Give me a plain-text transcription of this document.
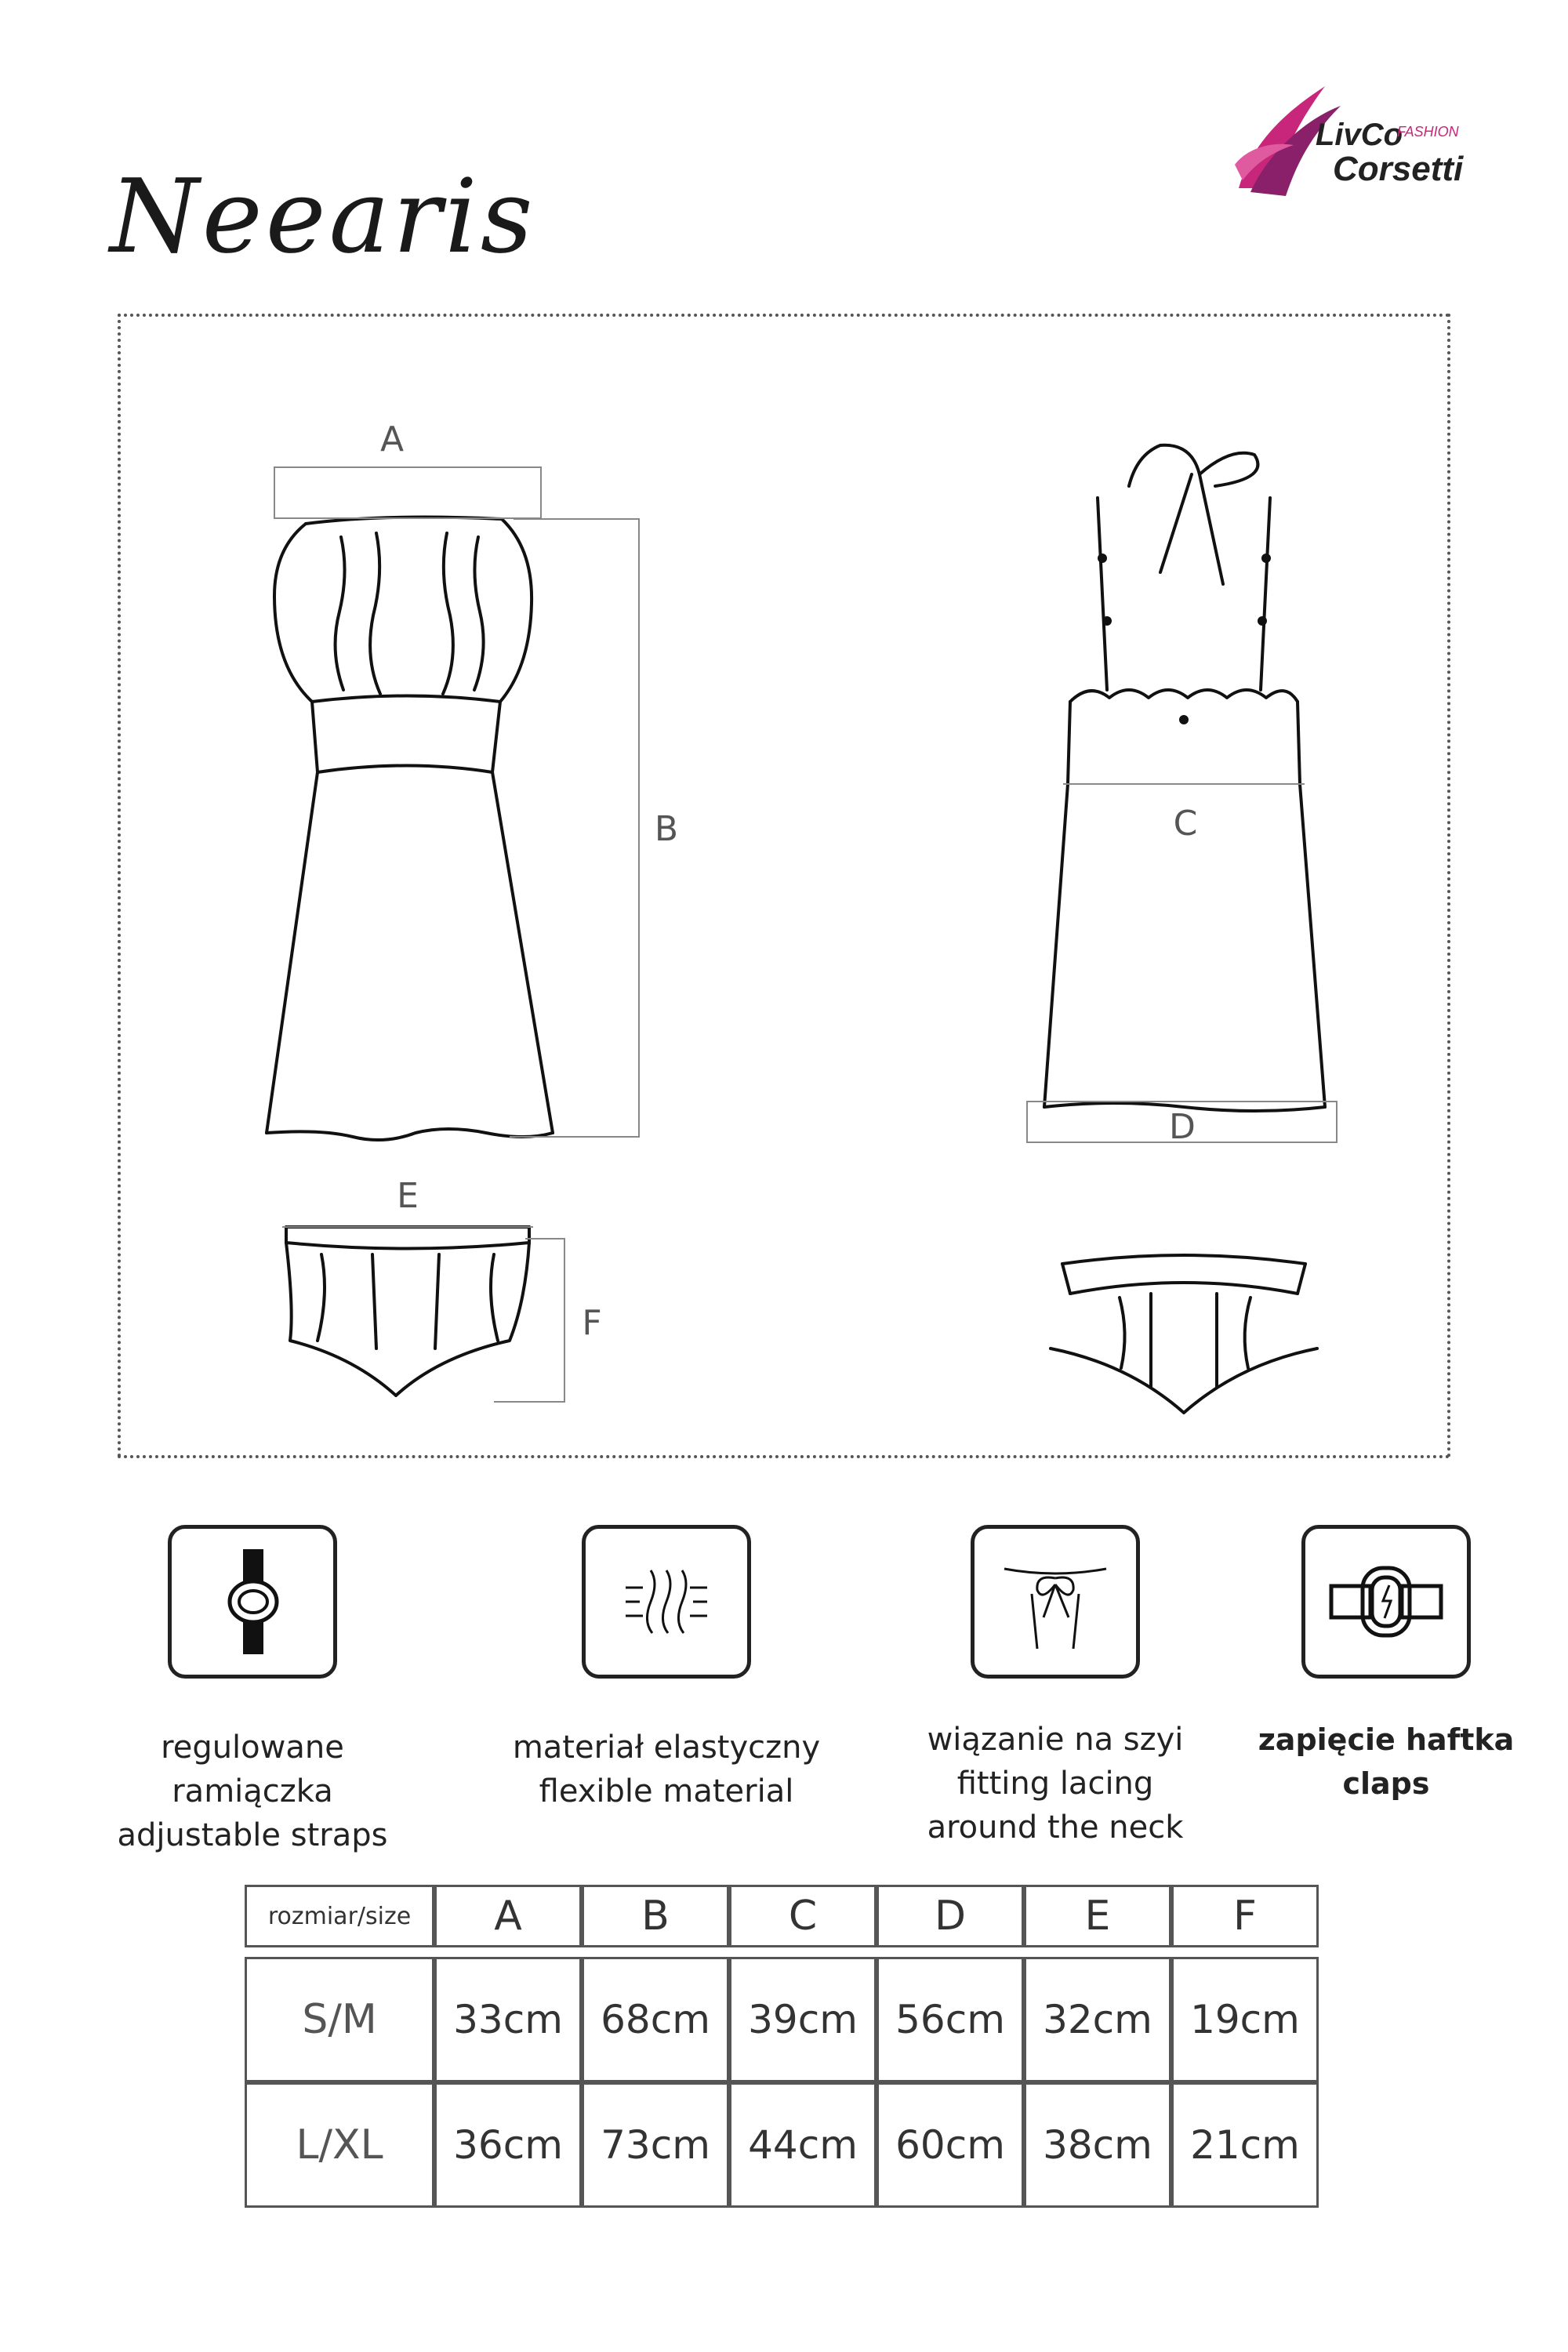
LivCo
FASHION
Corsetti
Neearis
A
B	C
D
E
F
regulowane ramiączka
adjustable straps
materiał elastyczny
flexible material
wiązanie na szyi
fitting lacing
around the neck
zapięcie haftka
claps
rozmiar/size	A	B	C	D	E	F

S/M	33cm	68cm	39cm	56cm	32cm	19cm
L/XL	36cm	73cm	44cm	60cm	38cm	21cm
